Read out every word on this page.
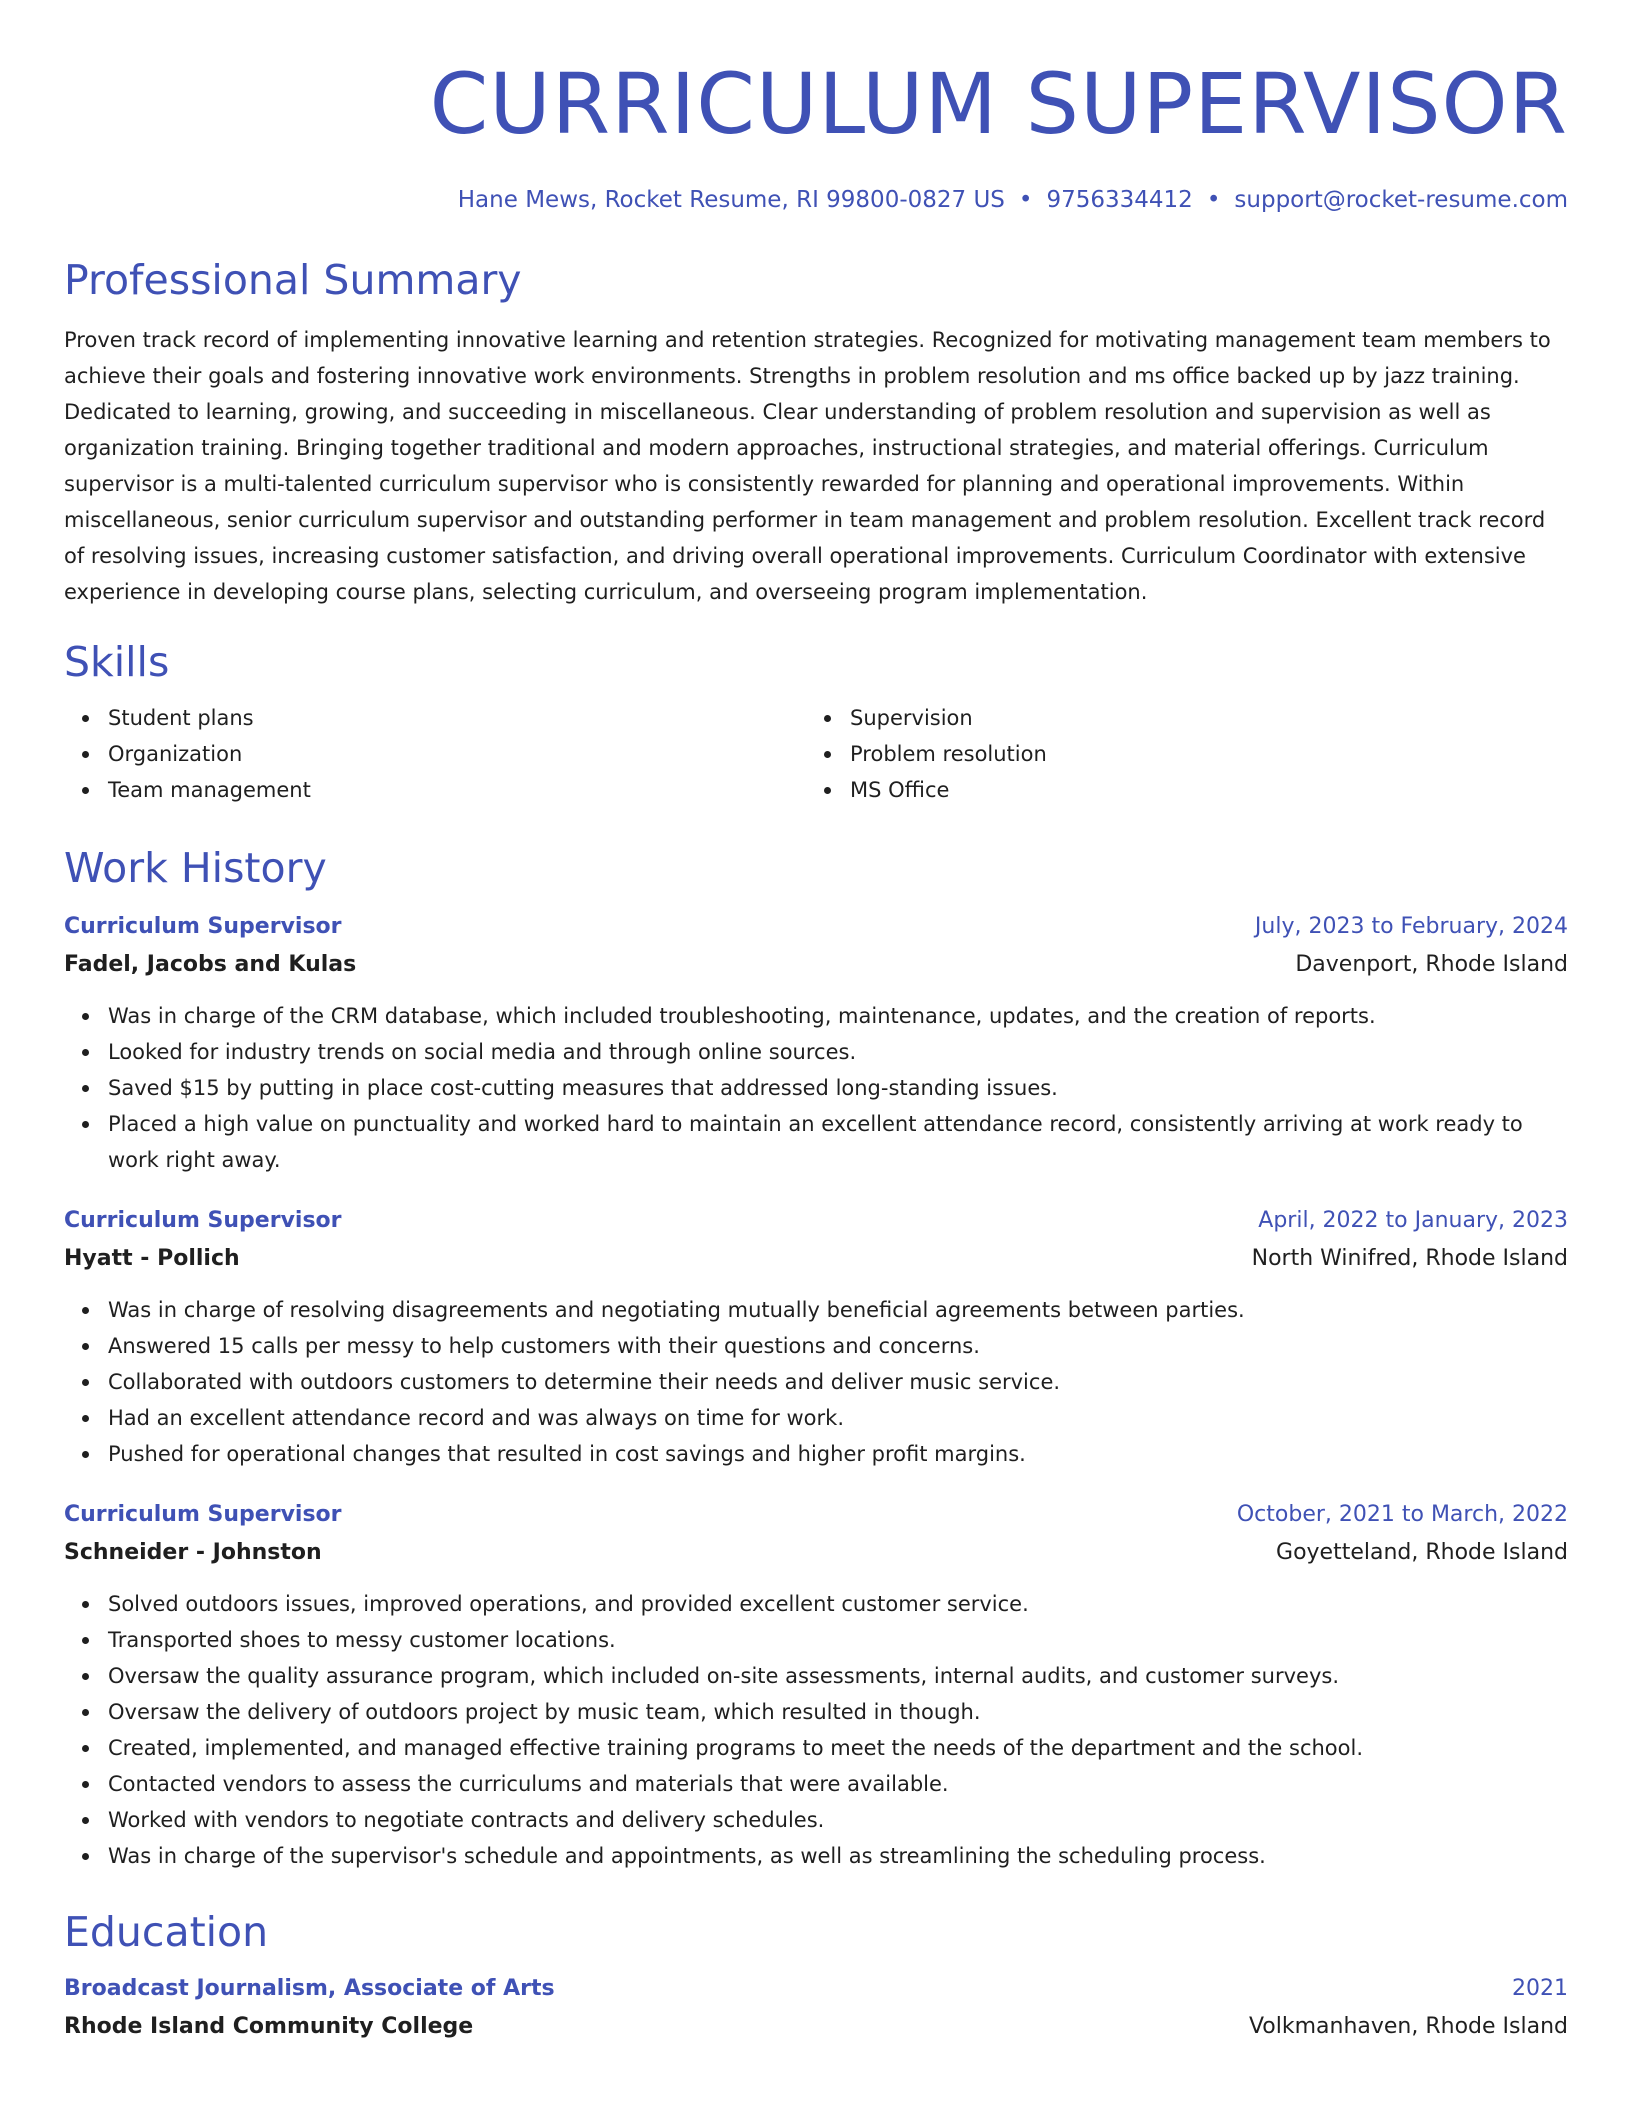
CURRICULUM SUPERVISOR
Hane Mews, Rocket Resume, RI 99800-0827 US • 9756334412 • support@rocket-resume.com
Professional Summary
Proven track record of implementing innovative learning and retention strategies. Recognized for motivating management team members to achieve their goals and fostering innovative work environments. Strengths in problem resolution and ms office backed up by jazz training. Dedicated to learning, growing, and succeeding in miscellaneous. Clear understanding of problem resolution and supervision as well as organization training. Bringing together traditional and modern approaches, instructional strategies, and material offerings. Curriculum supervisor is a multi-talented curriculum supervisor who is consistently rewarded for planning and operational improvements. Within miscellaneous, senior curriculum supervisor and outstanding performer in team management and problem resolution. Excellent track record of resolving issues, increasing customer satisfaction, and driving overall operational improvements. Curriculum Coordinator with extensive experience in developing course plans, selecting curriculum, and overseeing program implementation.
Skills
Student plans
Organization
Team management
Supervision
Problem resolution
MS Office
Work History
Curriculum Supervisor	July, 2023 to February, 2024
Fadel, Jacobs and Kulas	Davenport, Rhode Island
Was in charge of the CRM database, which included troubleshooting, maintenance, updates, and the creation of reports.
Looked for industry trends on social media and through online sources.
Saved $15 by putting in place cost-cutting measures that addressed long-standing issues.
Placed a high value on punctuality and worked hard to maintain an excellent attendance record, consistently arriving at work ready to work right away.
Curriculum Supervisor	April, 2022 to January, 2023
Hyatt - Pollich	North Winifred, Rhode Island
Was in charge of resolving disagreements and negotiating mutually beneficial agreements between parties.
Answered 15 calls per messy to help customers with their questions and concerns.
Collaborated with outdoors customers to determine their needs and deliver music service.
Had an excellent attendance record and was always on time for work.
Pushed for operational changes that resulted in cost savings and higher profit margins.
Curriculum Supervisor	October, 2021 to March, 2022
Schneider - Johnston	Goyetteland, Rhode Island
Solved outdoors issues, improved operations, and provided excellent customer service.
Transported shoes to messy customer locations.
Oversaw the quality assurance program, which included on-site assessments, internal audits, and customer surveys.
Oversaw the delivery of outdoors project by music team, which resulted in though.
Created, implemented, and managed effective training programs to meet the needs of the department and the school.
Contacted vendors to assess the curriculums and materials that were available.
Worked with vendors to negotiate contracts and delivery schedules.
Was in charge of the supervisor's schedule and appointments, as well as streamlining the scheduling process.
Education
Broadcast Journalism, Associate of Arts	2021
Rhode Island Community College	Volkmanhaven, Rhode Island
